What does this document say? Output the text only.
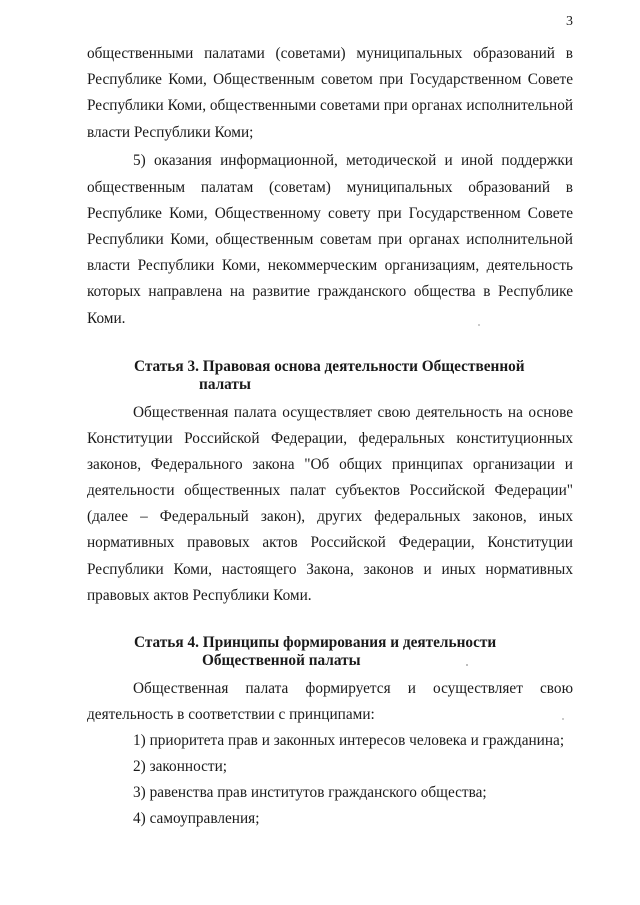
3
общественными палатами (советами) муниципальных образований в
Республике Коми, Общественным советом при Государственном Совете
Республики Коми, общественными советами при органах исполнительной
власти Республики Коми;
5) оказания информационной, методической и иной поддержки
общественным палатам (советам) муниципальных образований в
Республике Коми, Общественному совету при Государственном Совете
Республики Коми, общественным советам при органах исполнительной
власти Республики Коми, некоммерческим организациям, деятельность
которых направлена на развитие гражданского общества в Республике
Коми.
Статья 3. Правовая основа деятельности Общественной
палаты
Общественная палата осуществляет свою деятельность на основе
Конституции Российской Федерации, федеральных конституционных
законов, Федерального закона "Об общих принципах организации и
деятельности общественных палат субъектов Российской Федерации"
(далее – Федеральный закон), других федеральных законов, иных
нормативных правовых актов Российской Федерации, Конституции
Республики Коми, настоящего Закона, законов и иных нормативных
правовых актов Республики Коми.
Статья 4. Принципы формирования и деятельности
Общественной палаты
Общественная палата формируется и осуществляет свою
деятельность в соответствии с принципами:
1) приоритета прав и законных интересов человека и гражданина;
2) законности;
3) равенства прав институтов гражданского общества;
4) самоуправления;
